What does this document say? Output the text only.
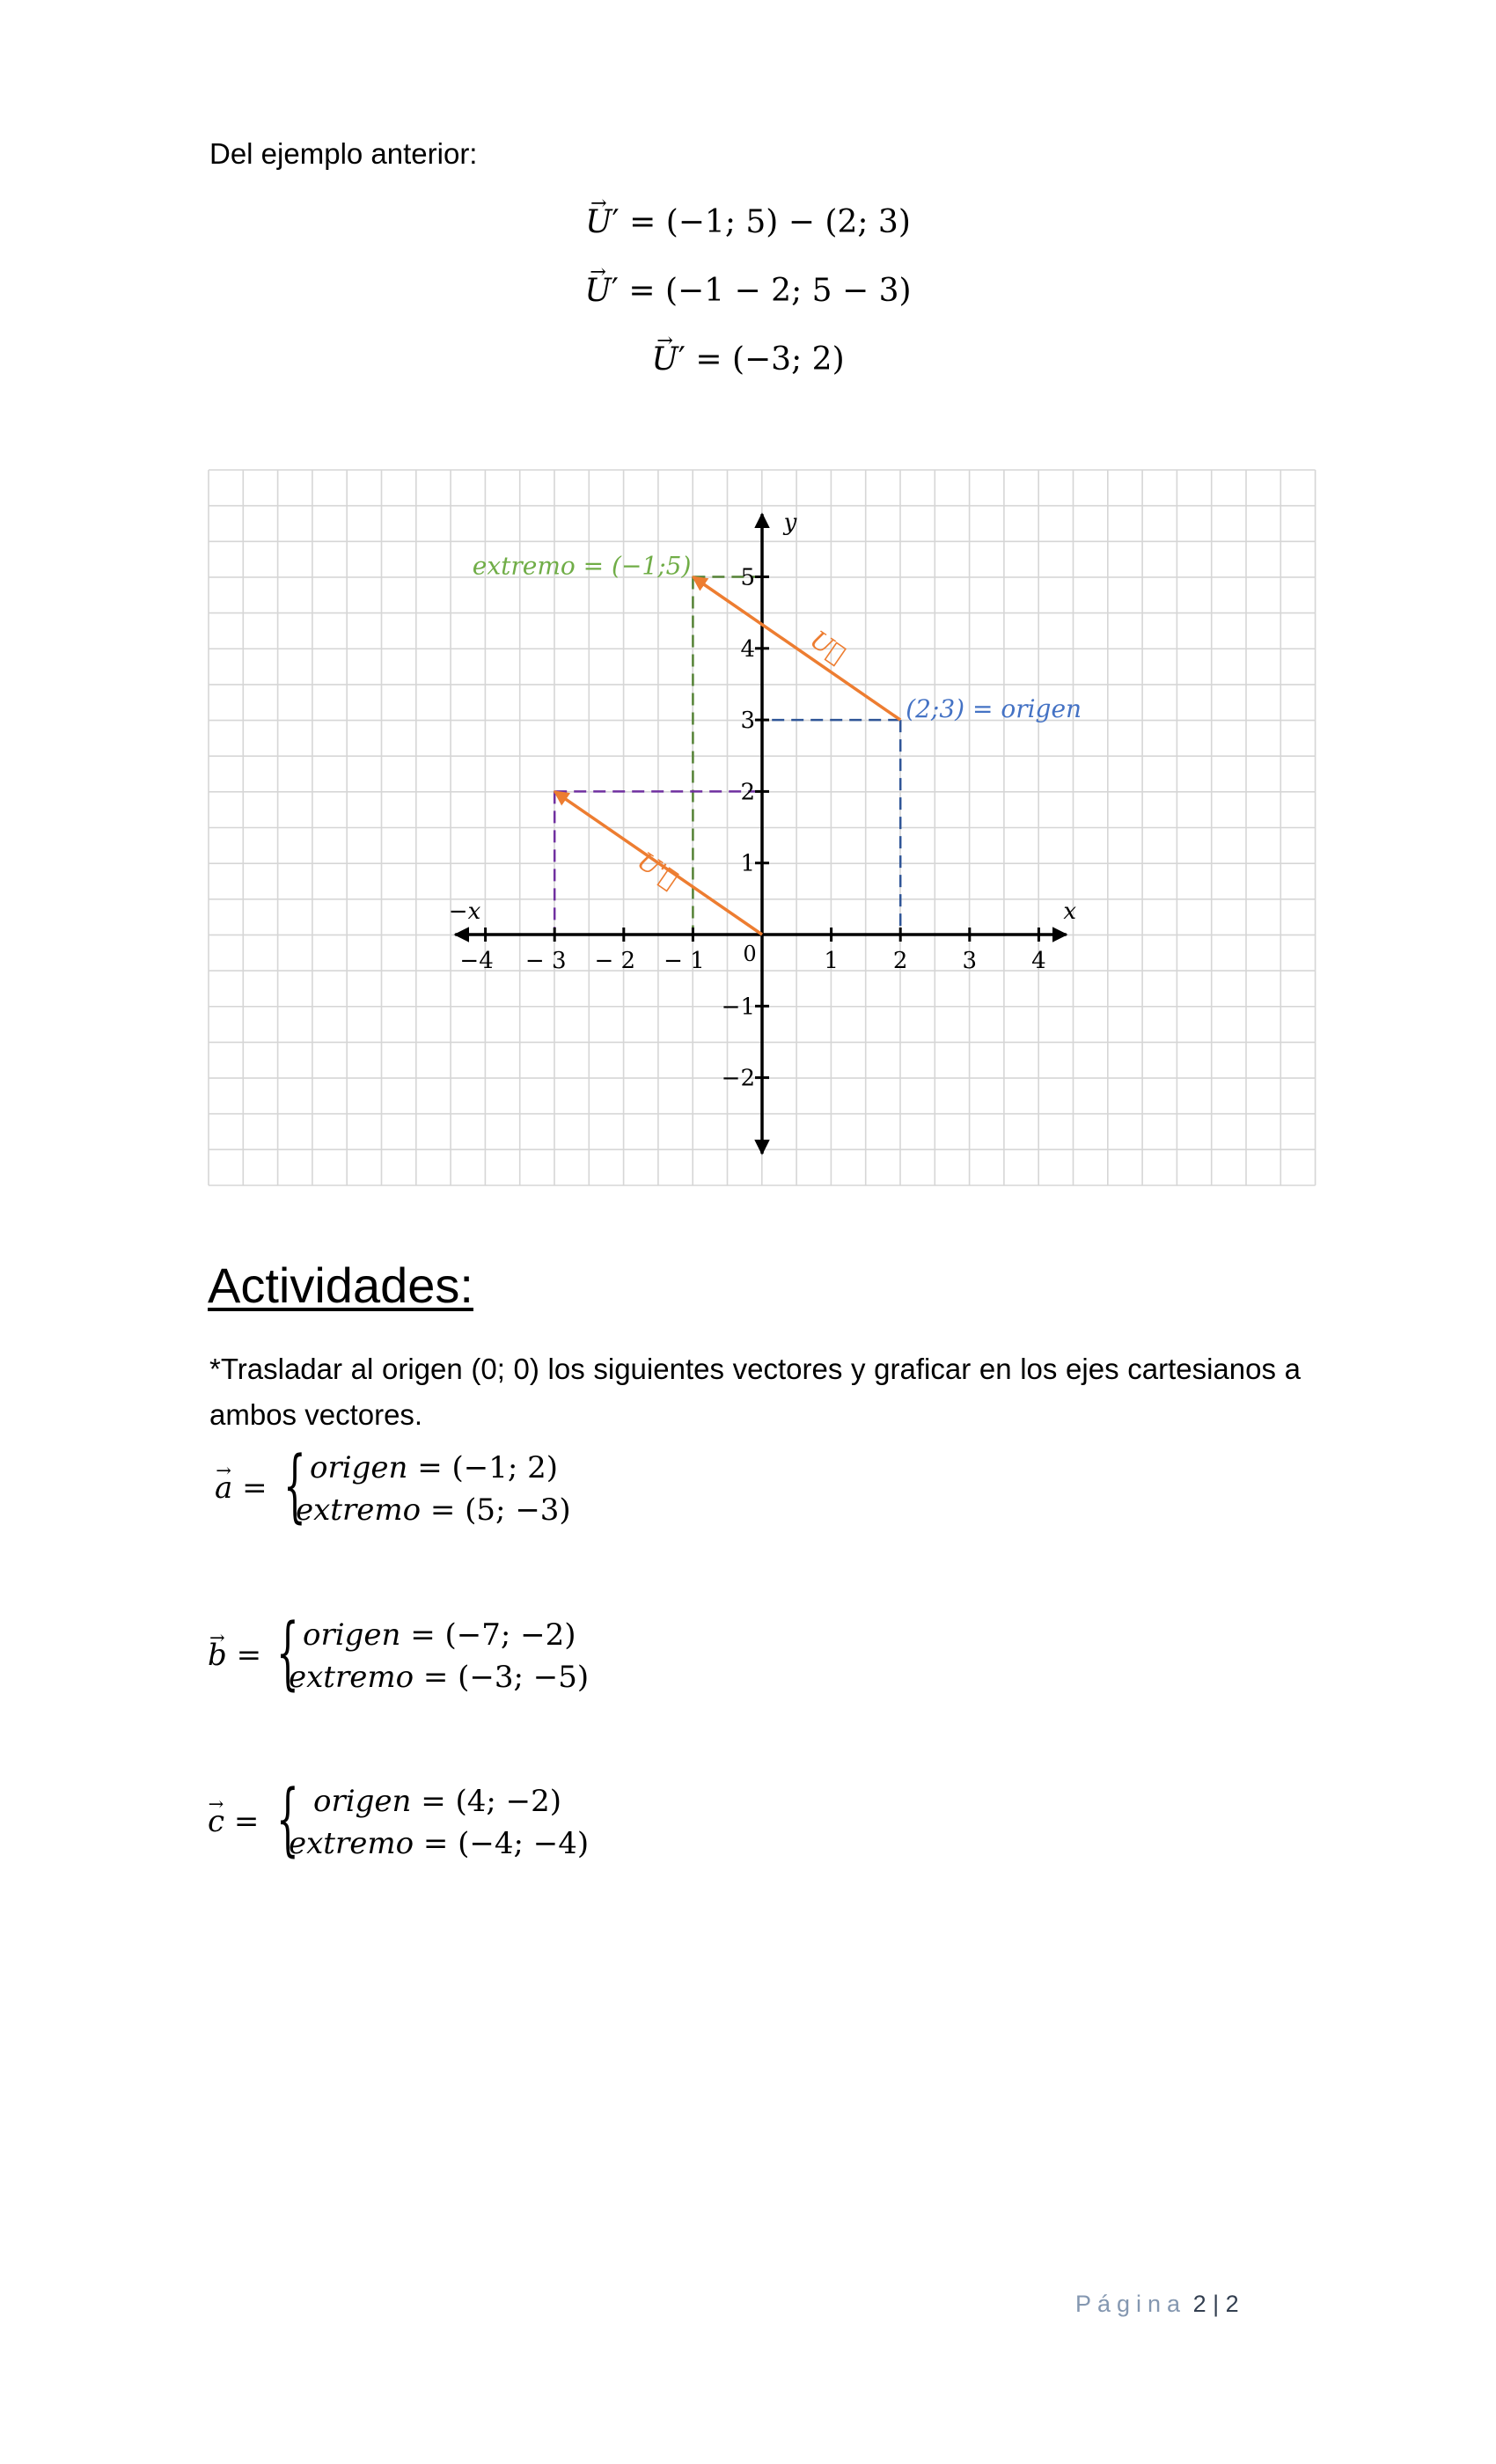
Del ejemplo anterior:
→ U′ = (−1; 5) − (2; 3)
→ U′ = (−1 − 2; 5 − 3)
→ U′ = (−3; 2)
−4 − 3 − 2 − 1	1 2 3 4
5
4
3
2
1
−1
−2
0
x
−x
y
U⃗
U'⃗
extremo = (−1;5)
(2;3) = origen
Actividades:
*Trasladar al origen (0; 0) los siguientes vectores y graficar en los ejes cartesianos a ambos vectores.
→ a = { origen = (−1; 2)
extremo = (5; −3)
→ b = { origen = (−7; −2)
extremo = (−3; −5)
→ c = { origen = (4; −2)
extremo = (−4; −4)
Página 2 | 2
